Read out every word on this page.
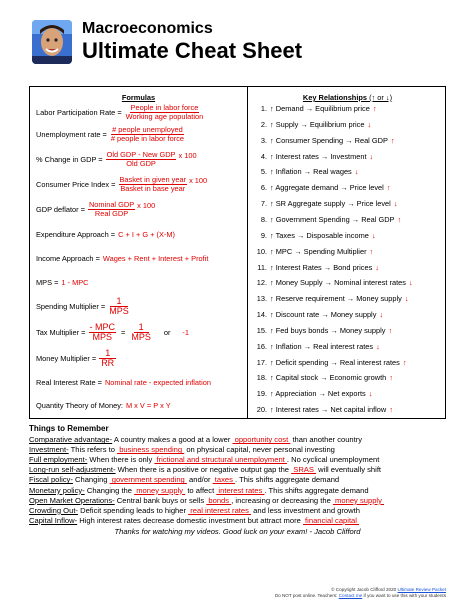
Macroeconomics
Ultimate Cheat Sheet
Formulas
Labor Participation Rate = $\frac{\text{People in labor force}}{\text{Working age population}}$
Unemployment rate = $\frac{\text{\# people unemployed}}{\text{\# people in labor force}}$
% Change in GDP = $\frac{\text{Old GDP - New GDP}}{\text{Old GDP}}$ x 100
Consumer Price Index = $\frac{\text{Basket in given year}}{\text{Basket in base year}}$ x 100
GDP deflator = $\frac{\text{Nominal GDP}}{\text{Real GDP}}$ x 100
Expenditure Approach = C + I + G + (X-M)
Income Approach = Wages + Rent + Interest + Profit
MPS = 1 - MPC
Spending Multiplier = $\frac{1}{\text{MPS}}$
Tax Multiplier = $\frac{\text{- MPC}}{\text{MPS}} = \frac{1}{\text{MPS}}$ or -1
Money Multiplier = $\frac{1}{RR}$
Real Interest Rate = Nominal rate - expected inflation
Quantity Theory of Money: M x V = P x Y
Key Relationships (↑ or ↓)
1. ↑ Demand → Equilibrium price ↑
2. ↑ Supply → Equilibrium price ↓
3. ↑ Consumer Spending → Real GDP ↑
4. ↑ Interest rates → Investment ↓
5. ↑ Inflation → Real wages ↓
6. ↑ Aggregate demand → Price level ↑
7. ↑ SR Aggregate supply → Price level ↓
8. ↑ Government Spending → Real GDP ↑
9. ↑ Taxes → Disposable income ↓
10. ↑ MPC → Spending Multiplier ↑
11. ↑ Interest Rates → Bond prices ↓
12. ↑ Money Supply → Nominal interest rates ↓
13. ↑ Reserve requirement → Money supply ↓
14. ↑ Discount rate → Money supply ↓
15. ↑ Fed buys bonds → Money supply ↑
16. ↑ Inflation → Real interest rates ↓
17. ↑ Deficit spending → Real interest rates ↑
18. ↑ Capital stock → Economic growth ↑
19. ↑ Appreciation → Net exports ↓
20. ↑ Interest rates → Net capital inflow ↑
Things to Remember
Comparative advantage- A country makes a good at a lower  opportunity cost  than another country
Investment- This refers to  business spending  on physical capital, never personal investing
Full employment- When there is only  frictional and structural unemployment . No cyclical unemployment
Long-run self-adjustment- When there is a positive or negative output gap the  SRAS  will eventually shift
Fiscal policy- Changing  government spending  and/or  taxes . This shifts aggregate demand
Monetary policy- Changing the  money supply  to affect  interest rates . This shifts aggregate demand
Open Market Operations- Central bank buys or sells  bonds , increasing or decreasing the  money supply
Crowding Out- Deficit spending leads to higher  real interest rates  and less investment and growth
Capital Inflow- High interest rates decrease domestic investment but attract more  financial capital
Thanks for watching my videos. Good luck on your exam! - Jacob Clifford
© Copyright Jacob Clifford 2020 Ultimate Review Packet
Do NOT post online. Teachers: Contact me if you want to use this with your students
